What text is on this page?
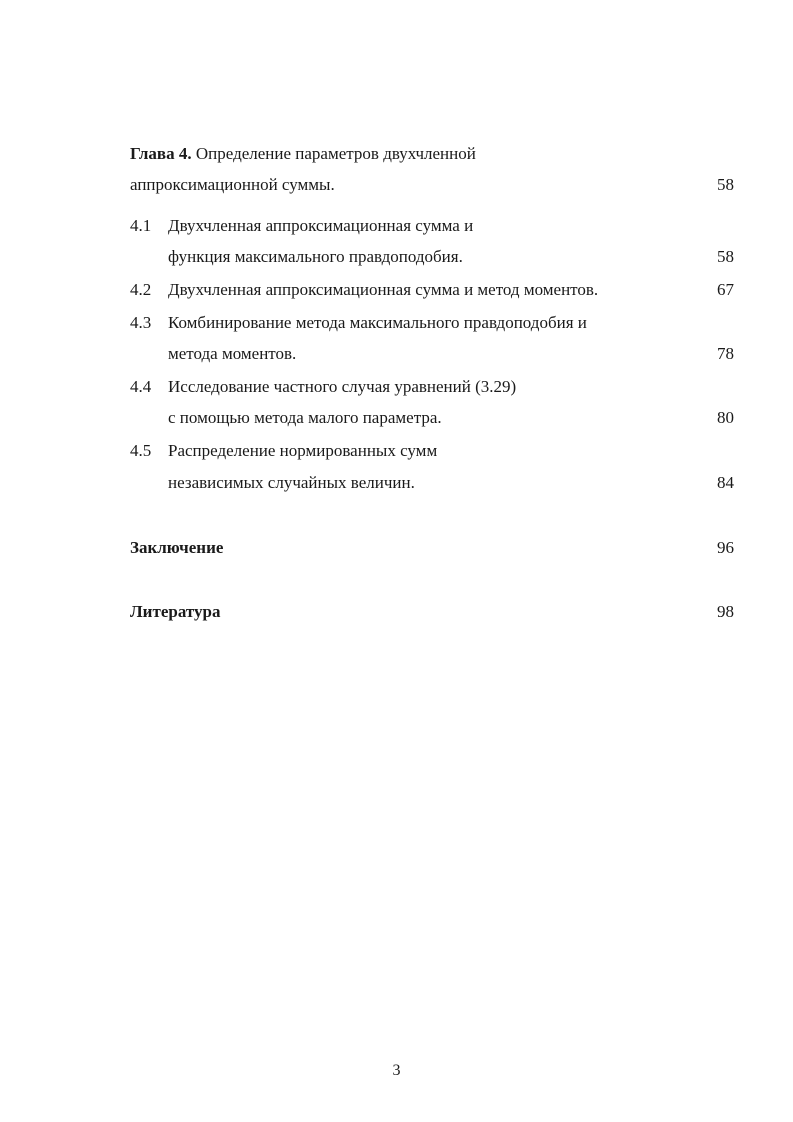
Глава 4. Определение параметров двухчленной
аппроксимационной суммы.	58
4.1 Двухчленная аппроксимационная сумма и
функция максимального правдоподобия.	58
4.2 Двухчленная аппроксимационная сумма и метод моментов.	67
4.3 Комбинирование метода максимального правдоподобия и
метода моментов.	78
4.4 Исследование частного случая уравнений (3.29)
с помощью метода малого параметра.	80
4.5 Распределение нормированных сумм
независимых случайных величин.	84
Заключение	96
Литература	98
3
